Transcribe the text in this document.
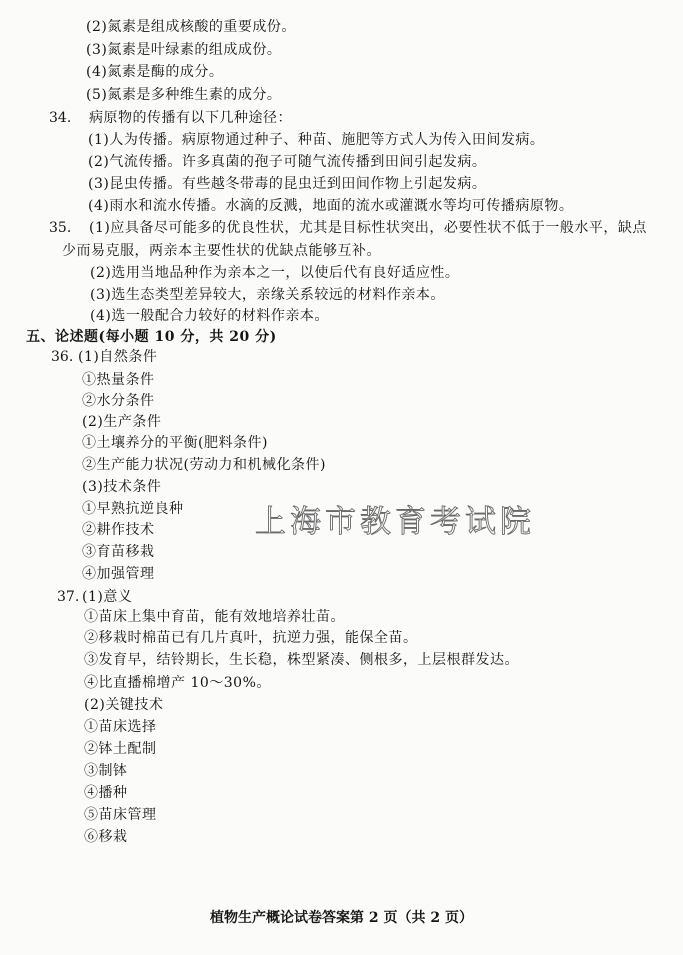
(2)氮素是组成核酸的重要成份。
(3)氮素是叶绿素的组成成份。
(4)氮素是酶的成分。
(5)氮素是多种维生素的成分。
34. 病原物的传播有以下几种途径：
(1)人为传播。病原物通过种子、种苗、施肥等方式人为传入田间发病。
(2)气流传播。许多真菌的孢子可随气流传播到田间引起发病。
(3)昆虫传播。有些越冬带毒的昆虫迁到田间作物上引起发病。
(4)雨水和流水传播。水滴的反溅，地面的流水或灌溉水等均可传播病原物。
35. (1)应具备尽可能多的优良性状，尤其是目标性状突出，必要性状不低于一般水平，缺点
少而易克服，两亲本主要性状的优缺点能够互补。
(2)选用当地品种作为亲本之一，以使后代有良好适应性。
(3)选生态类型差异较大，亲缘关系较远的材料作亲本。
(4)选一般配合力较好的材料作亲本。
五、论述题(每小题 10 分，共 20 分)
36. (1)自然条件
①热量条件
②水分条件
(2)生产条件
①土壤养分的平衡(肥料条件)
②生产能力状况(劳动力和机械化条件)
(3)技术条件
①早熟抗逆良种
②耕作技术
③育苗移栽
④加强管理
上海市教育考试院
37. (1)意义
①苗床上集中育苗，能有效地培养壮苗。
②移栽时棉苗已有几片真叶，抗逆力强，能保全苗。
③发育早，结铃期长，生长稳，株型紧凑、侧根多，上层根群发达。
④比直播棉增产 10～30%。
(2)关键技术
①苗床选择
②钵土配制
③制钵
④播种
⑤苗床管理
⑥移栽
植物生产概论试卷答案第 2 页（共 2 页）
